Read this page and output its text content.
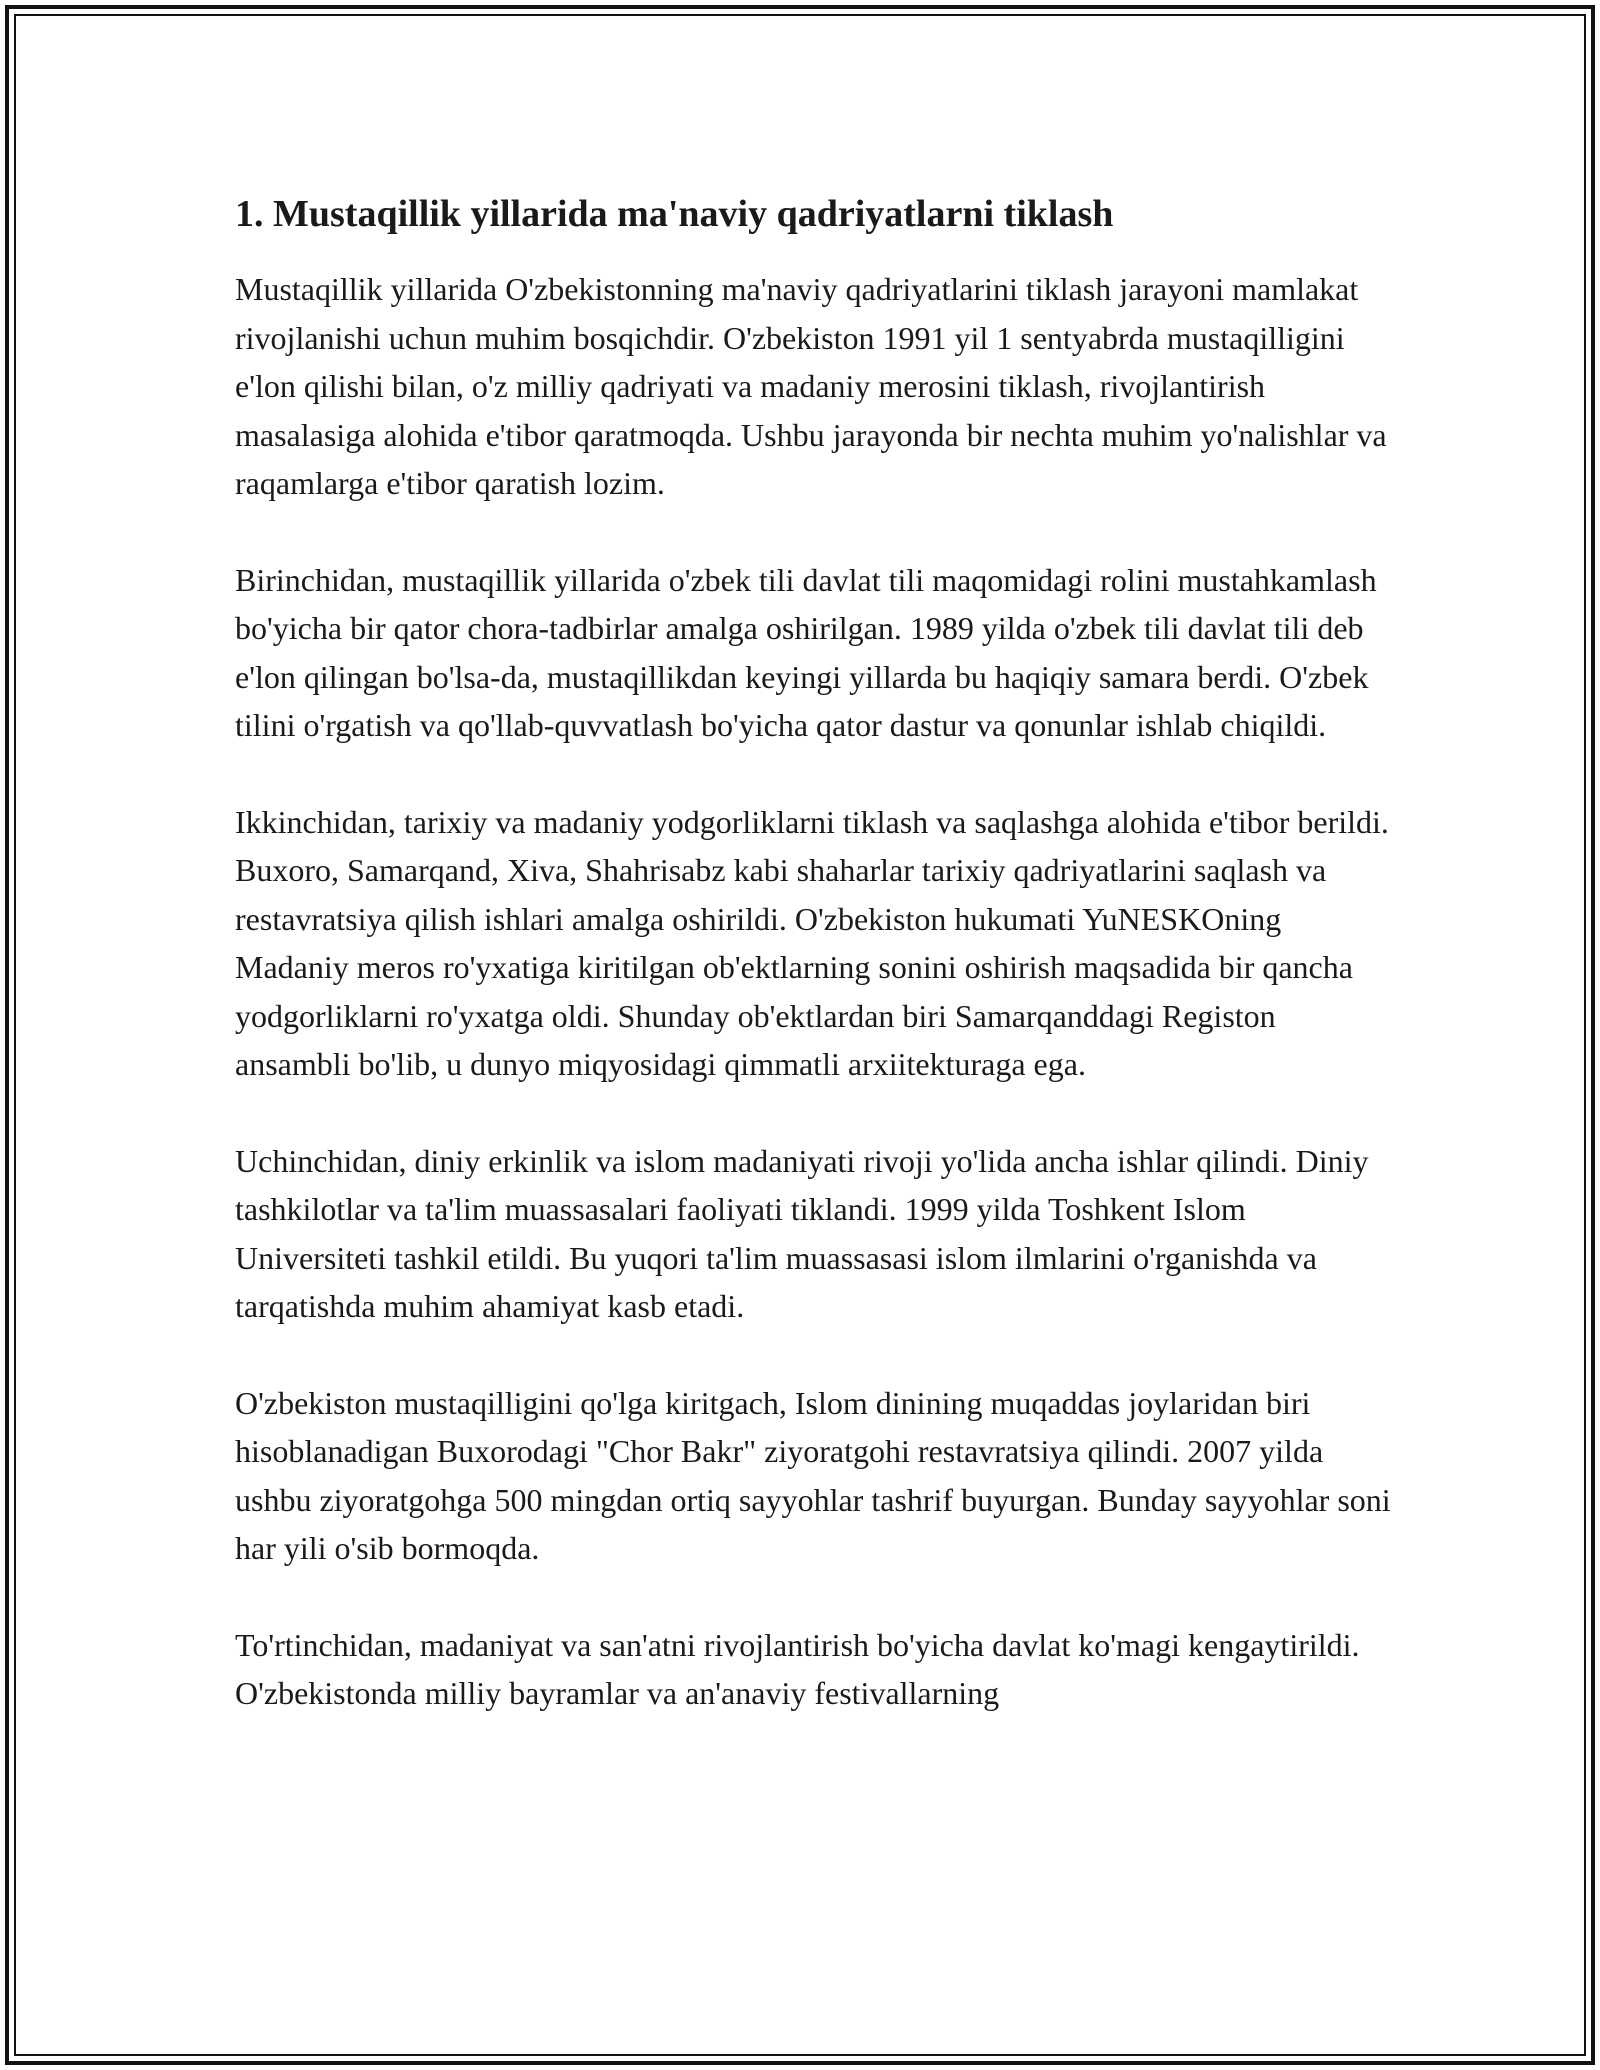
1. Mustaqillik yillarida ma'naviy qadriyatlarni tiklash

Mustaqillik yillarida O'zbekistonning ma'naviy qadriyatlarini tiklash jarayoni mamlakat rivojlanishi uchun muhim bosqichdir. O'zbekiston 1991 yil 1 sentyabrda mustaqilligini e'lon qilishi bilan, o'z milliy qadriyati va madaniy merosini tiklash, rivojlantirish masalasiga alohida e'tibor qaratmoqda. Ushbu jarayonda bir nechta muhim yo'nalishlar va raqamlarga e'tibor qaratish lozim.

Birinchidan, mustaqillik yillarida o'zbek tili davlat tili maqomidagi rolini mustahkamlash bo'yicha bir qator chora-tadbirlar amalga oshirilgan. 1989 yilda o'zbek tili davlat tili deb e'lon qilingan bo'lsa-da, mustaqillikdan keyingi yillarda bu haqiqiy samara berdi. O'zbek tilini o'rgatish va qo'llab-quvvatlash bo'yicha qator dastur va qonunlar ishlab chiqildi.

Ikkinchidan, tarixiy va madaniy yodgorliklarni tiklash va saqlashga alohida e'tibor berildi. Buxoro, Samarqand, Xiva, Shahrisabz kabi shaharlar tarixiy qadriyatlarini saqlash va restavratsiya qilish ishlari amalga oshirildi. O'zbekiston hukumati YuNESKOning Madaniy meros ro'yxatiga kiritilgan ob'ektlarning sonini oshirish maqsadida bir qancha yodgorliklarni ro'yxatga oldi. Shunday ob'ektlardan biri Samarqanddagi Registon ansambli bo'lib, u dunyo miqyosidagi qimmatli arxiitekturaga ega.

Uchinchidan, diniy erkinlik va islom madaniyati rivoji yo'lida ancha ishlar qilindi. Diniy tashkilotlar va ta'lim muassasalari faoliyati tiklandi. 1999 yilda Toshkent Islom Universiteti tashkil etildi. Bu yuqori ta'lim muassasasi islom ilmlarini o'rganishda va tarqatishda muhim ahamiyat kasb etadi.

O'zbekiston mustaqilligini qo'lga kiritgach, Islom dinining muqaddas joylaridan biri hisoblanadigan Buxorodagi "Chor Bakr" ziyoratgohi restavratsiya qilindi. 2007 yilda ushbu ziyoratgohga 500 mingdan ortiq sayyohlar tashrif buyurgan. Bunday sayyohlar soni har yili o'sib bormoqda.

To'rtinchidan, madaniyat va san'atni rivojlantirish bo'yicha davlat ko'magi kengaytirildi. O'zbekistonda milliy bayramlar va an'anaviy festivallarning
